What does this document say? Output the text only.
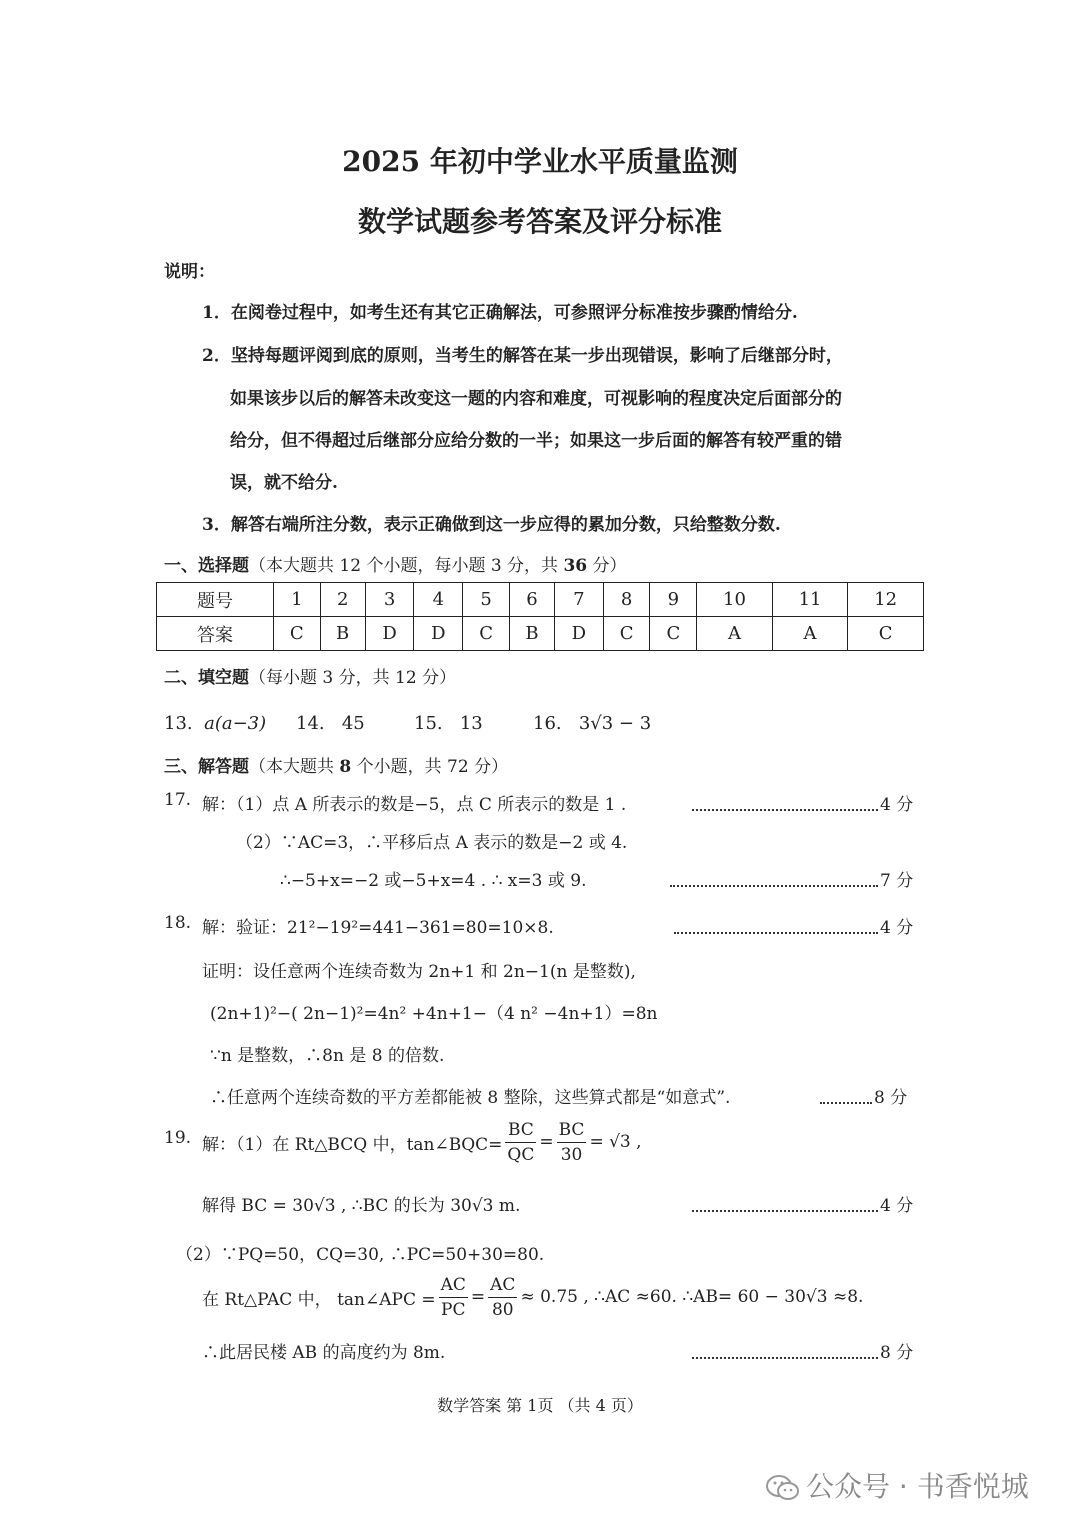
2025 年初中学业水平质量监测
数学试题参考答案及评分标准
说明：
1．在阅卷过程中，如考生还有其它正确解法，可参照评分标准按步骤酌情给分.
2．坚持每题评阅到底的原则，当考生的解答在某一步出现错误，影响了后继部分时，
如果该步以后的解答未改变这一题的内容和难度，可视影响的程度决定后面部分的
给分，但不得超过后继部分应给分数的一半；如果这一步后面的解答有较严重的错
误，就不给分.
3．解答右端所注分数，表示正确做到这一步应得的累加分数，只给整数分数.
一、选择题（本大题共 12 个小题，每小题 3 分，共 36 分）
题号	1	2	3	4	5	6	7	8	9	10	11	12
答案	C	B	D	D	C	B	D	C	C	A	A	C
二、填空题（每小题 3 分，共 12 分）
13. a(a−3) 14. 45	15. 13	16. 3√3 − 3
三、解答题（本大题共 8 个小题，共 72 分）
17. 解：（1）点 A 所表示的数是−5，点 C 所表示的数是 1 .	4 分
（2）∵AC=3，∴平移后点 A 表示的数是−2 或 4.
∴−5+x=−2 或−5+x=4 . ∴ x=3 或 9.	7 分
18. 解：验证：21²−19²=441−361=80=10×8.	4 分
证明：设任意两个连续奇数为 2n+1 和 2n−1(n 是整数),
(2n+1)²−( 2n−1)²=4n² +4n+1−（4 n² −4n+1）=8n
∵n 是整数，∴8n 是 8 的倍数.
∴任意两个连续奇数的平方差都能被 8 整除，这些算式都是“如意式”.	8 分
19. 解：（1）在 Rt△BCQ 中，tan∠BQC= $\frac{BC}{QC} = \frac{BC}{30} = √3$ ,
解得 BC = 30√3 , ∴BC 的长为 30√3 m.	4 分
（2）∵PQ=50，CQ=30, ∴PC=50+30=80.
在 Rt△PAC 中， tan∠APC = $\frac{AC}{PC} = \frac{AC}{80} \approx 0.75$ , ∴AC ≈60. ∴AB= 60 − 30√3 ≈8.
∴此居民楼 AB 的高度约为 8m.	8 分
数学答案 第 1页 （共 4 页）
公众号 · 书香悦城
